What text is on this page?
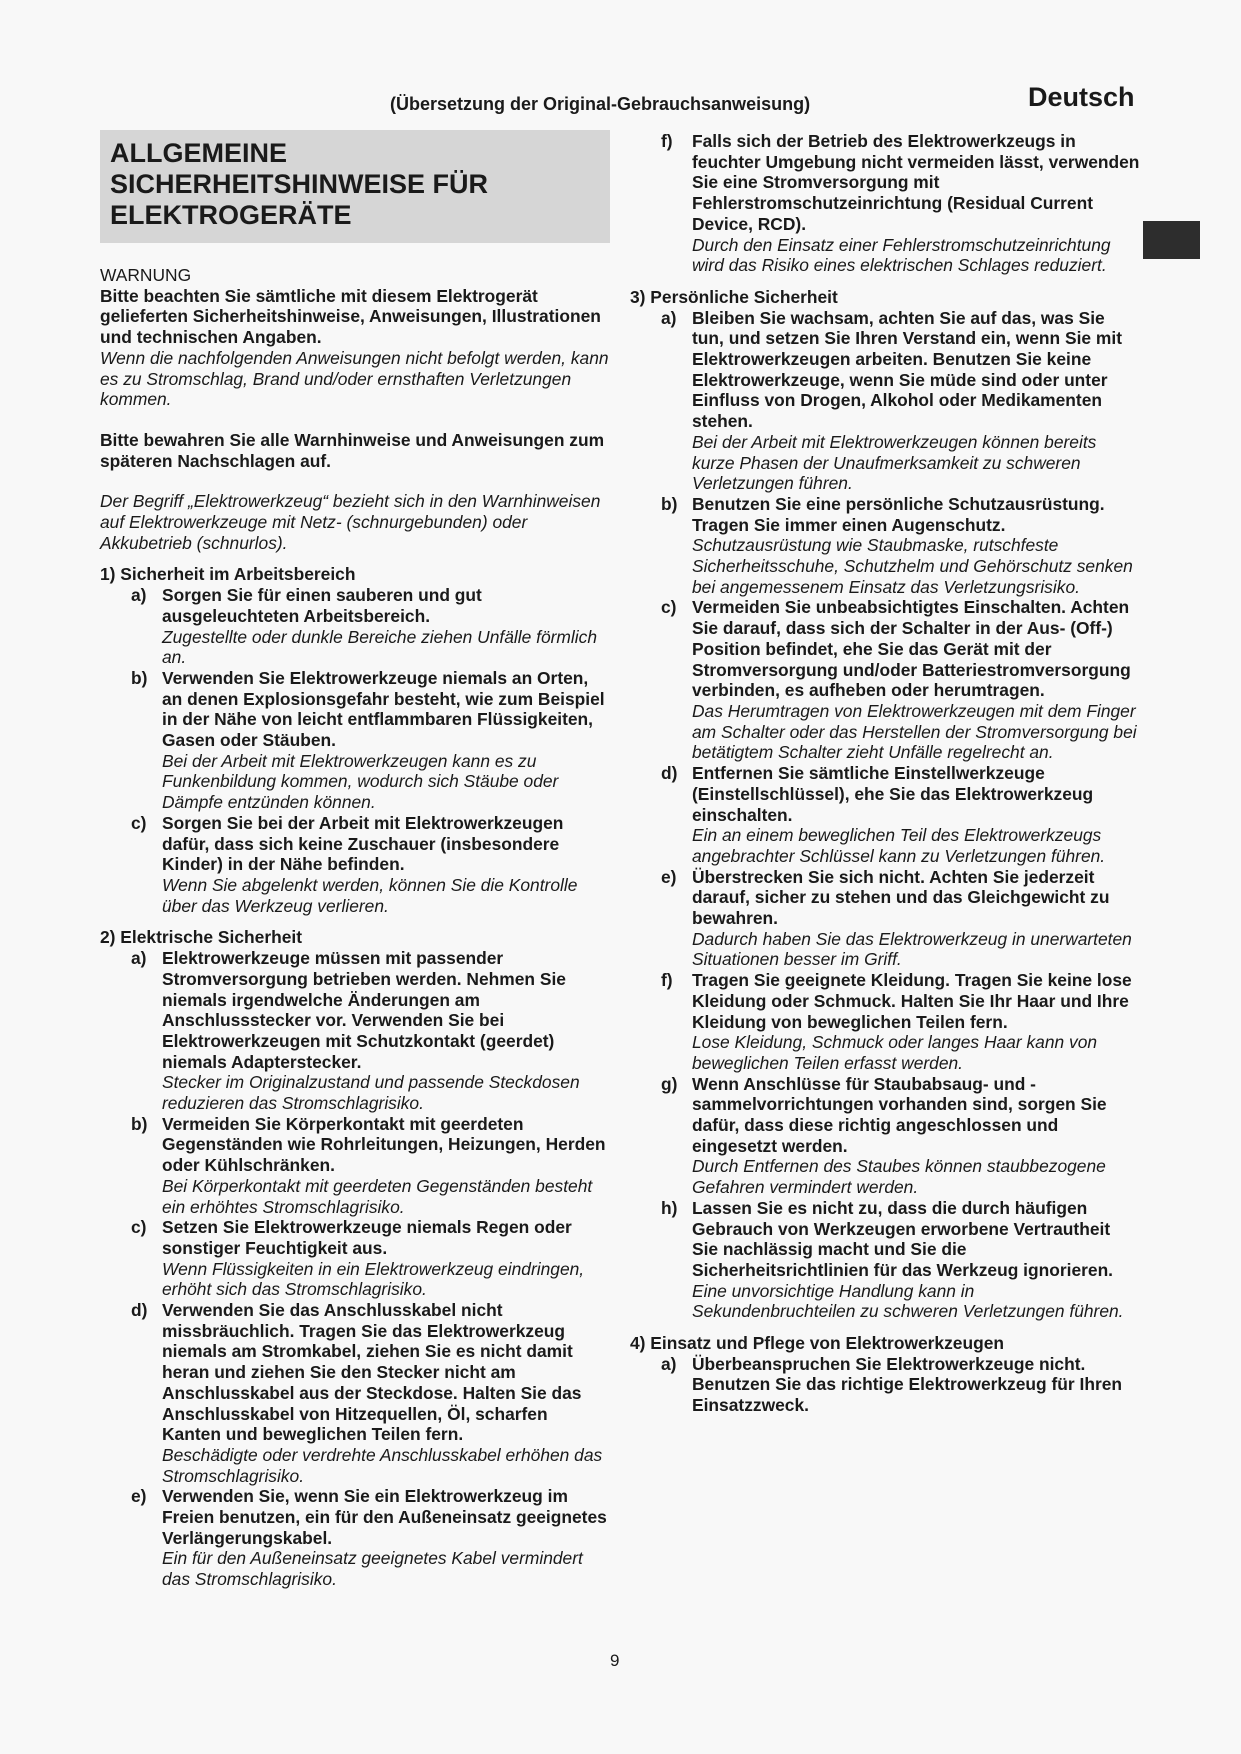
(Übersetzung der Original-Gebrauchsanweisung)	Deutsch
ALLGEMEINE SICHERHEITSHINWEISE FÜR ELEKTROGERÄTE

WARNUNG

Bitte beachten Sie sämtliche mit diesem Elektrogerät gelieferten Sicherheitshinweise, Anweisungen, Illustrationen und technischen Angaben.

Wenn die nachfolgenden Anweisungen nicht befolgt werden, kann es zu Stromschlag, Brand und/oder ernsthaften Verletzungen kommen.

Bitte bewahren Sie alle Warnhinweise und Anweisungen zum späteren Nachschlagen auf.

Der Begriff „Elektrowerkzeug“ bezieht sich in den Warnhinweisen auf Elektrowerkzeuge mit Netz- (schnurgebunden) oder Akkubetrieb (schnurlos).

1) Sicherheit im Arbeitsbereich
a) Sorgen Sie für einen sauberen und gut ausgeleuchteten Arbeitsbereich.
Zugestellte oder dunkle Bereiche ziehen Unfälle förmlich an.
b) Verwenden Sie Elektrowerkzeuge niemals an Orten, an denen Explosionsgefahr besteht, wie zum Beispiel in der Nähe von leicht entflammbaren Flüssigkeiten, Gasen oder Stäuben.
Bei der Arbeit mit Elektrowerkzeugen kann es zu Funkenbildung kommen, wodurch sich Stäube oder Dämpfe entzünden können.
c) Sorgen Sie bei der Arbeit mit Elektrowerkzeugen dafür, dass sich keine Zuschauer (insbesondere Kinder) in der Nähe befinden.
Wenn Sie abgelenkt werden, können Sie die Kontrolle über das Werkzeug verlieren.
2) Elektrische Sicherheit
a) Elektrowerkzeuge müssen mit passender Stromversorgung betrieben werden. Nehmen Sie niemals irgendwelche Änderungen am Anschlussstecker vor. Verwenden Sie bei Elektrowerkzeugen mit Schutzkontakt (geerdet) niemals Adapterstecker.
Stecker im Originalzustand und passende Steckdosen reduzieren das Stromschlagrisiko.
b) Vermeiden Sie Körperkontakt mit geerdeten Gegenständen wie Rohrleitungen, Heizungen, Herden oder Kühlschränken.
Bei Körperkontakt mit geerdeten Gegenständen besteht ein erhöhtes Stromschlagrisiko.
c) Setzen Sie Elektrowerkzeuge niemals Regen oder sonstiger Feuchtigkeit aus.
Wenn Flüssigkeiten in ein Elektrowerkzeug eindringen, erhöht sich das Stromschlagrisiko.
d) Verwenden Sie das Anschlusskabel nicht missbräuchlich. Tragen Sie das Elektrowerkzeug niemals am Stromkabel, ziehen Sie es nicht damit heran und ziehen Sie den Stecker nicht am Anschlusskabel aus der Steckdose. Halten Sie das Anschlusskabel von Hitzequellen, Öl, scharfen Kanten und beweglichen Teilen fern.
Beschädigte oder verdrehte Anschlusskabel erhöhen das Stromschlagrisiko.
e) Verwenden Sie, wenn Sie ein Elektrowerkzeug im Freien benutzen, ein für den Außeneinsatz geeignetes Verlängerungskabel.
Ein für den Außeneinsatz geeignetes Kabel vermindert das Stromschlagrisiko.
f) Falls sich der Betrieb des Elektrowerkzeugs in feuchter Umgebung nicht vermeiden lässt, verwenden Sie eine Stromversorgung mit Fehlerstromschutzeinrichtung (Residual Current Device, RCD).
Durch den Einsatz einer Fehlerstromschutzeinrichtung wird das Risiko eines elektrischen Schlages reduziert.
3) Persönliche Sicherheit
a) Bleiben Sie wachsam, achten Sie auf das, was Sie tun, und setzen Sie Ihren Verstand ein, wenn Sie mit Elektrowerkzeugen arbeiten. Benutzen Sie keine Elektrowerkzeuge, wenn Sie müde sind oder unter Einfluss von Drogen, Alkohol oder Medikamenten stehen.
Bei der Arbeit mit Elektrowerkzeugen können bereits kurze Phasen der Unaufmerksamkeit zu schweren Verletzungen führen.
b) Benutzen Sie eine persönliche Schutzausrüstung. Tragen Sie immer einen Augenschutz.
Schutzausrüstung wie Staubmaske, rutschfeste Sicherheitsschuhe, Schutzhelm und Gehörschutz senken bei angemessenem Einsatz das Verletzungsrisiko.
c) Vermeiden Sie unbeabsichtigtes Einschalten. Achten Sie darauf, dass sich der Schalter in der Aus- (Off-) Position befindet, ehe Sie das Gerät mit der Stromversorgung und/oder Batteriestromversorgung verbinden, es aufheben oder herumtragen.
Das Herumtragen von Elektrowerkzeugen mit dem Finger am Schalter oder das Herstellen der Stromversorgung bei betätigtem Schalter zieht Unfälle regelrecht an.
d) Entfernen Sie sämtliche Einstellwerkzeuge (Einstellschlüssel), ehe Sie das Elektrowerkzeug einschalten.
Ein an einem beweglichen Teil des Elektrowerkzeugs angebrachter Schlüssel kann zu Verletzungen führen.
e) Überstrecken Sie sich nicht. Achten Sie jederzeit darauf, sicher zu stehen und das Gleichgewicht zu bewahren.
Dadurch haben Sie das Elektrowerkzeug in unerwarteten Situationen besser im Griff.
f) Tragen Sie geeignete Kleidung. Tragen Sie keine lose Kleidung oder Schmuck. Halten Sie Ihr Haar und Ihre Kleidung von beweglichen Teilen fern.
Lose Kleidung, Schmuck oder langes Haar kann von beweglichen Teilen erfasst werden.
g) Wenn Anschlüsse für Staubabsaug- und -sammelvorrichtungen vorhanden sind, sorgen Sie dafür, dass diese richtig angeschlossen und eingesetzt werden.
Durch Entfernen des Staubes können staubbezogene Gefahren vermindert werden.
h) Lassen Sie es nicht zu, dass die durch häufigen Gebrauch von Werkzeugen erworbene Vertrautheit Sie nachlässig macht und Sie die Sicherheitsrichtlinien für das Werkzeug ignorieren.
Eine unvorsichtige Handlung kann in Sekundenbruchteilen zu schweren Verletzungen führen.
4) Einsatz und Pflege von Elektrowerkzeugen
a) Überbeanspruchen Sie Elektrowerkzeuge nicht. Benutzen Sie das richtige Elektrowerkzeug für Ihren Einsatzzweck.
9
